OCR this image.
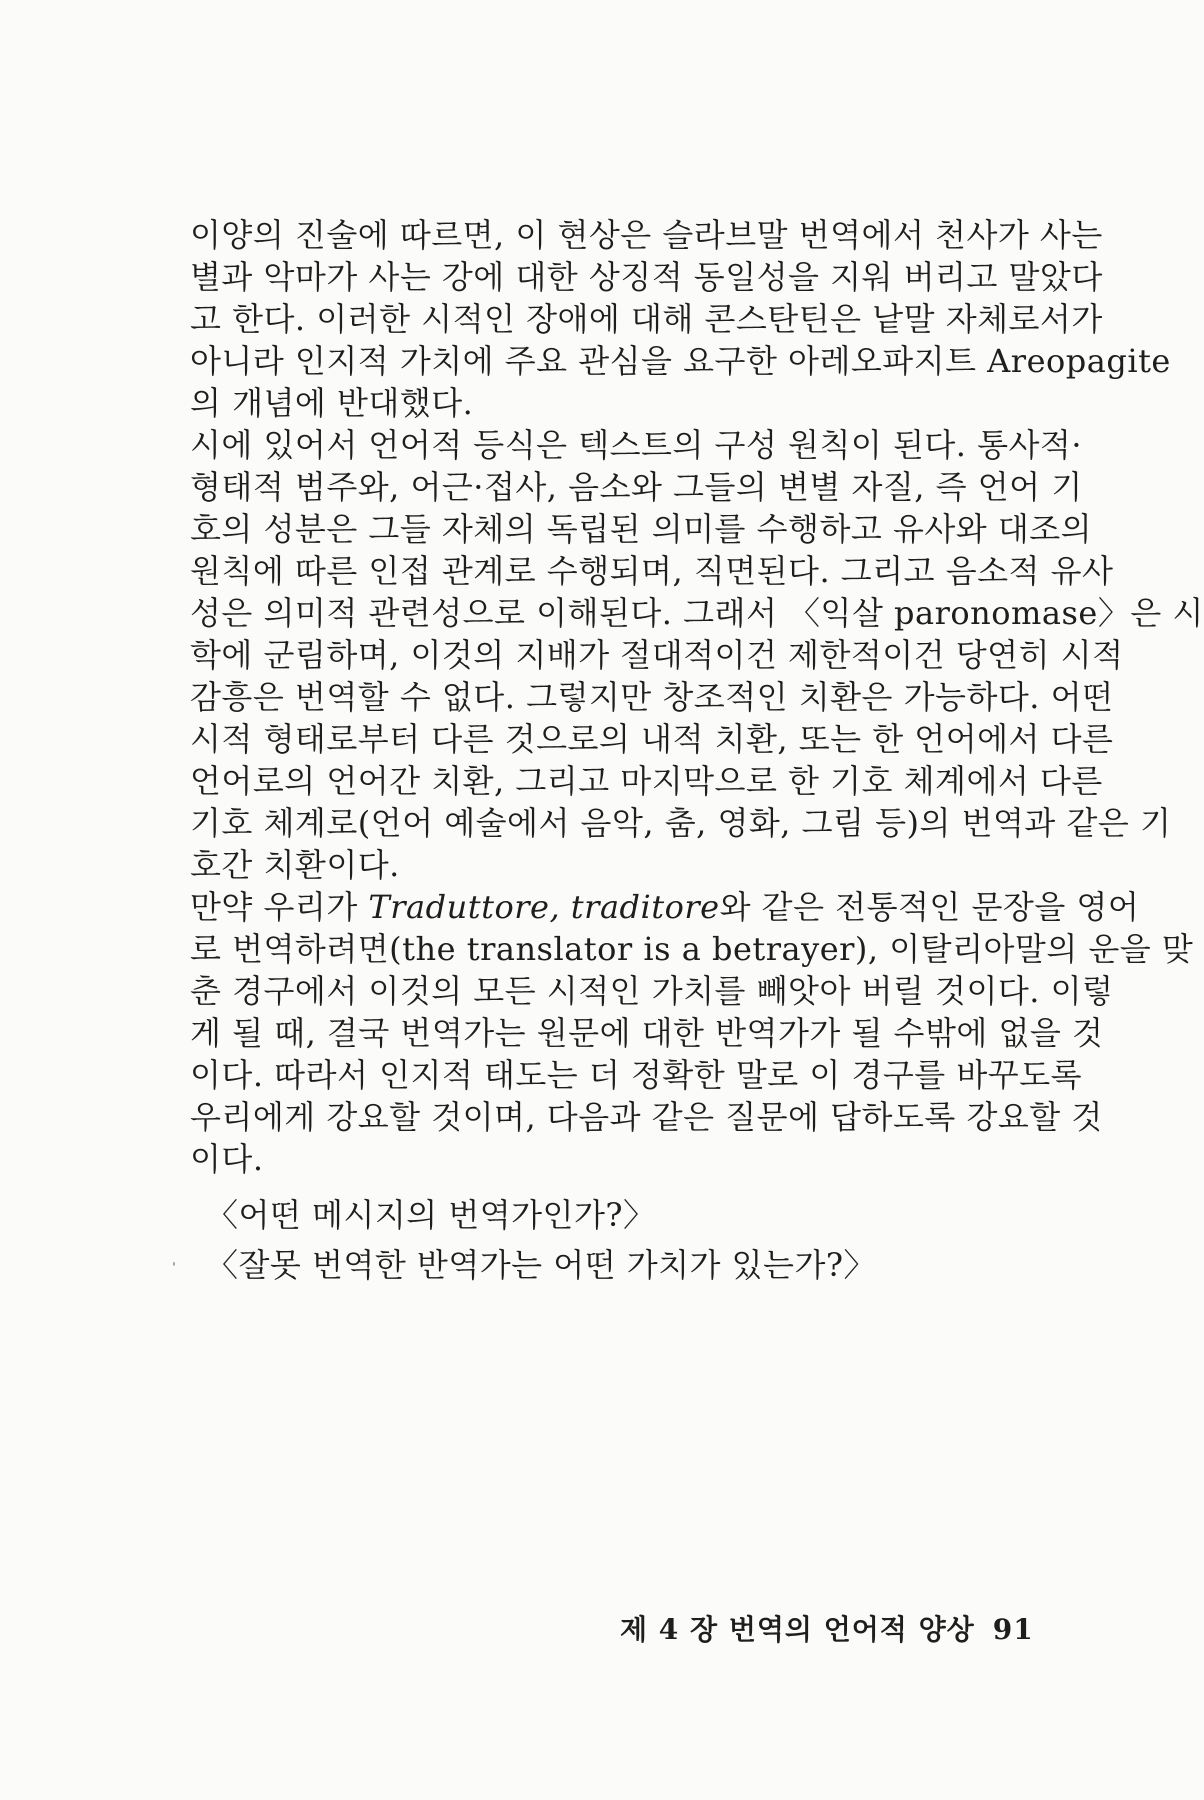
이양의 진술에 따르면, 이 현상은 슬라브말 번역에서 천사가 사는
별과 악마가 사는 강에 대한 상징적 동일성을 지워 버리고 말았다
고 한다. 이러한 시적인 장애에 대해 콘스탄틴은 낱말 자체로서가
아니라 인지적 가치에 주요 관심을 요구한 아레오파지트 Areopagite
의 개념에 반대했다.
시에 있어서 언어적 등식은 텍스트의 구성 원칙이 된다. 통사적·
형태적 범주와, 어근·접사, 음소와 그들의 변별 자질, 즉 언어 기
호의 성분은 그들 자체의 독립된 의미를 수행하고 유사와 대조의
원칙에 따른 인접 관계로 수행되며, 직면된다. 그리고 음소적 유사
성은 의미적 관련성으로 이해된다. 그래서 〈익살 paronomase〉은 시
학에 군림하며, 이것의 지배가 절대적이건 제한적이건 당연히 시적
감흥은 번역할 수 없다. 그렇지만 창조적인 치환은 가능하다. 어떤
시적 형태로부터 다른 것으로의 내적 치환, 또는 한 언어에서 다른
언어로의 언어간 치환, 그리고 마지막으로 한 기호 체계에서 다른
기호 체계로(언어 예술에서 음악, 춤, 영화, 그림 등)의 번역과 같은 기
호간 치환이다.
만약 우리가 Traduttore, traditore와 같은 전통적인 문장을 영어
로 번역하려면(the translator is a betrayer), 이탈리아말의 운을 맞
춘 경구에서 이것의 모든 시적인 가치를 빼앗아 버릴 것이다. 이렇
게 될 때, 결국 번역가는 원문에 대한 반역가가 될 수밖에 없을 것
이다. 따라서 인지적 태도는 더 정확한 말로 이 경구를 바꾸도록
우리에게 강요할 것이며, 다음과 같은 질문에 답하도록 강요할 것
이다.
〈어떤 메시지의 번역가인가?〉
〈잘못 번역한 반역가는 어떤 가치가 있는가?〉
ˈ
제 4 장 번역의 언어적 양상 91
